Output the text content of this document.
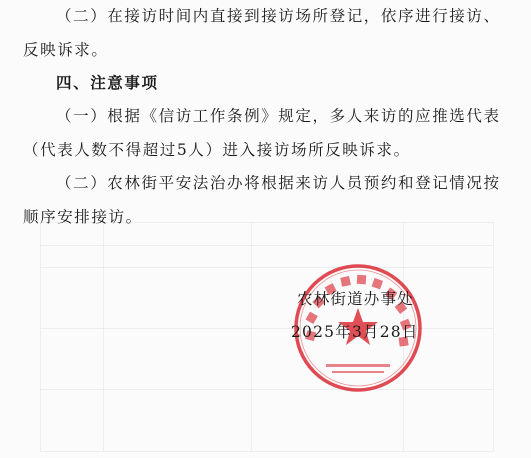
（二）在接访时间内直接到接访场所登记，依序进行接访、
反映诉求。
四、注意事项
（一）根据《信访工作条例》规定，多人来访的应推选代表
（代表人数不得超过5人）进入接访场所反映诉求。
（二）农林街平安法治办将根据来访人员预约和登记情况按
顺序安排接访。
农林街道办事处
2025年3月28日
